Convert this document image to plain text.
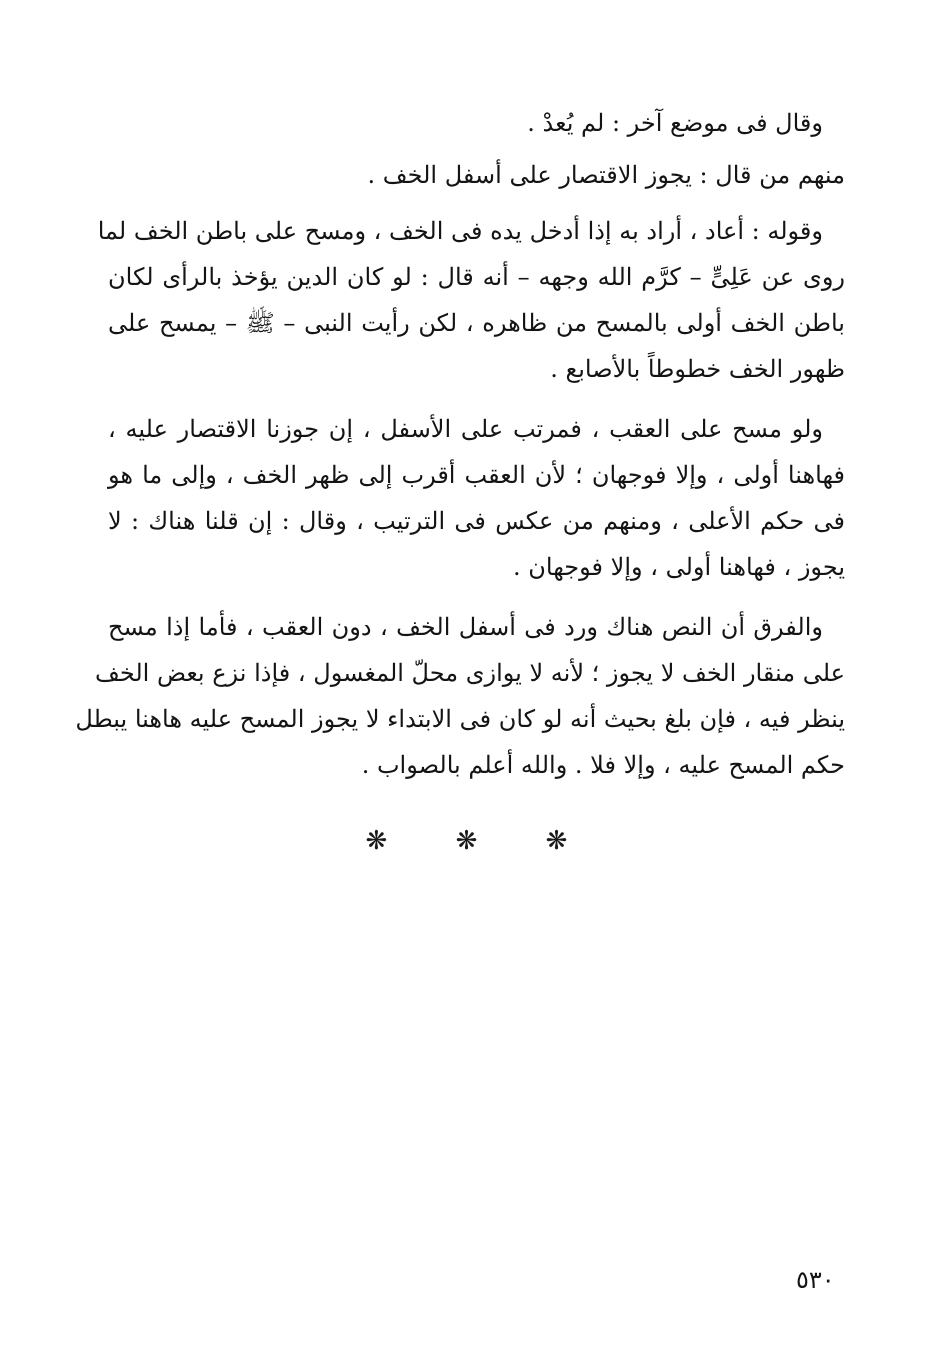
وقال فى موضع آخر : لم يُعدْ .
منهم من قال : يجوز الاقتصار على أسفل الخف .
وقوله : أعاد ، أراد به إذا أدخل يده فى الخف ، ومسح على باطن الخف لما
روى عن عَلِىٍّ – كرَّم الله وجهه – أنه قال : لو كان الدين يؤخذ بالرأى لكان
باطن الخف أولى بالمسح من ظاهره ، لكن رأيت النبى – ﷺ – يمسح على
ظهور الخف خطوطاً بالأصابع .
ولو مسح على العقب ، فمرتب على الأسفل ، إن جوزنا الاقتصار عليه ،
فهاهنا أولى ، وإلا فوجهان ؛ لأن العقب أقرب إلى ظهر الخف ، وإلى ما هو
فى حكم الأعلى ، ومنهم من عكس فى الترتيب ، وقال : إن قلنا هناك : لا
يجوز ، فهاهنا أولى ، وإلا فوجهان .
والفرق أن النص هناك ورد فى أسفل الخف ، دون العقب ، فأما إذا مسح
على منقار الخف لا يجوز ؛ لأنه لا يوازى محلّ المغسول ، فإذا نزع بعض الخف
ينظر فيه ، فإن بلغ بحيث أنه لو كان فى الابتداء لا يجوز المسح عليه هاهنا يبطل
حكم المسح عليه ، وإلا فلا . والله أعلم بالصواب .
❋	❋	❋
٥٣٠
